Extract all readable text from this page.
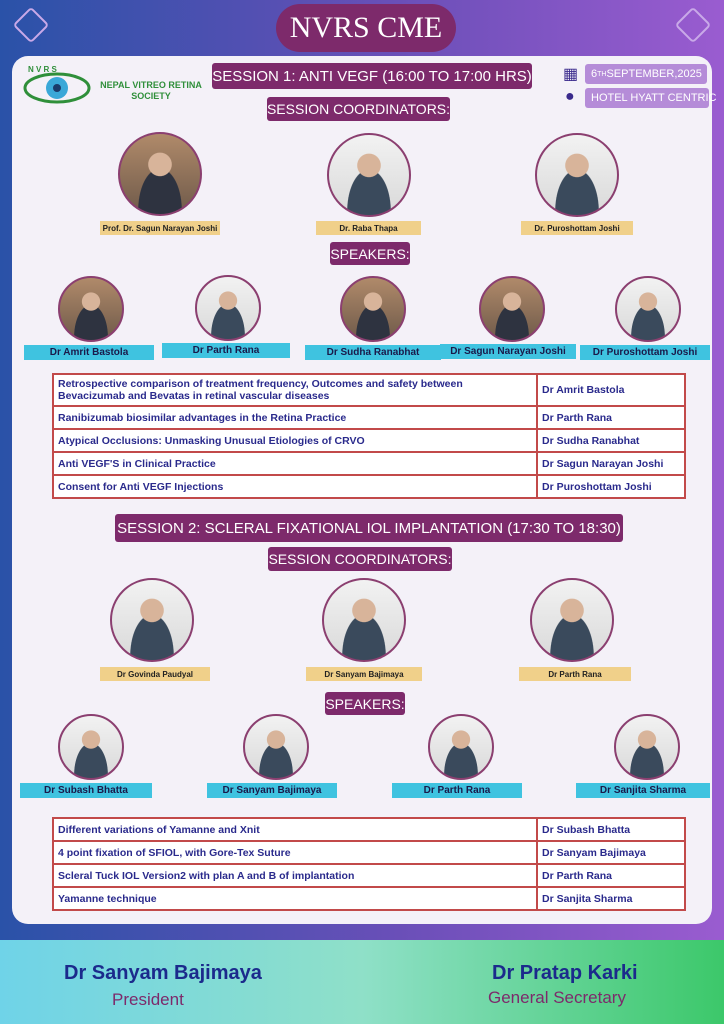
NVRS CME
N V R S
NEPAL VITREO RETINA SOCIETY
SESSION 1: ANTI VEGF (16:00 TO 17:00 HRS)
SESSION COORDINATORS:
▦ 6 TH SEPTEMBER,2025
●	HOTEL HYATT CENTRIC
Prof. Dr. Sagun Narayan Joshi	Dr. Raba Thapa	Dr. Puroshottam Joshi
SPEAKERS:
Dr Amrit Bastola	Dr Parth Rana	Dr Sudha Ranabhat	Dr Sagun Narayan Joshi	Dr Puroshottam Joshi
Retrospective comparison of treatment frequency, Outcomes and safety between Bevacizumab and Bevatas in retinal vascular diseases	Dr Amrit Bastola
Ranibizumab biosimilar advantages in the Retina Practice	Dr Parth Rana
Atypical Occlusions: Unmasking Unusual Etiologies of CRVO	Dr Sudha Ranabhat
Anti VEGF'S in Clinical Practice	Dr Sagun Narayan Joshi
Consent for Anti VEGF Injections	Dr Puroshottam Joshi
SESSION 2: SCLERAL FIXATIONAL IOL IMPLANTATION (17:30 TO 18:30)
SESSION COORDINATORS:
Dr Govinda Paudyal	Dr Sanyam Bajimaya	Dr Parth Rana
SPEAKERS:
Dr Subash Bhatta	Dr Sanyam Bajimaya	Dr Parth Rana	Dr Sanjita Sharma
Different variations of Yamanne and Xnit	Dr Subash Bhatta
4 point fixation of SFIOL, with Gore-Tex Suture	Dr Sanyam Bajimaya
Scleral Tuck IOL Version2 with plan A and B of implantation	Dr Parth Rana
Yamanne technique	Dr Sanjita Sharma
Dr Sanyam Bajimaya
President
Dr Pratap Karki
General Secretary
